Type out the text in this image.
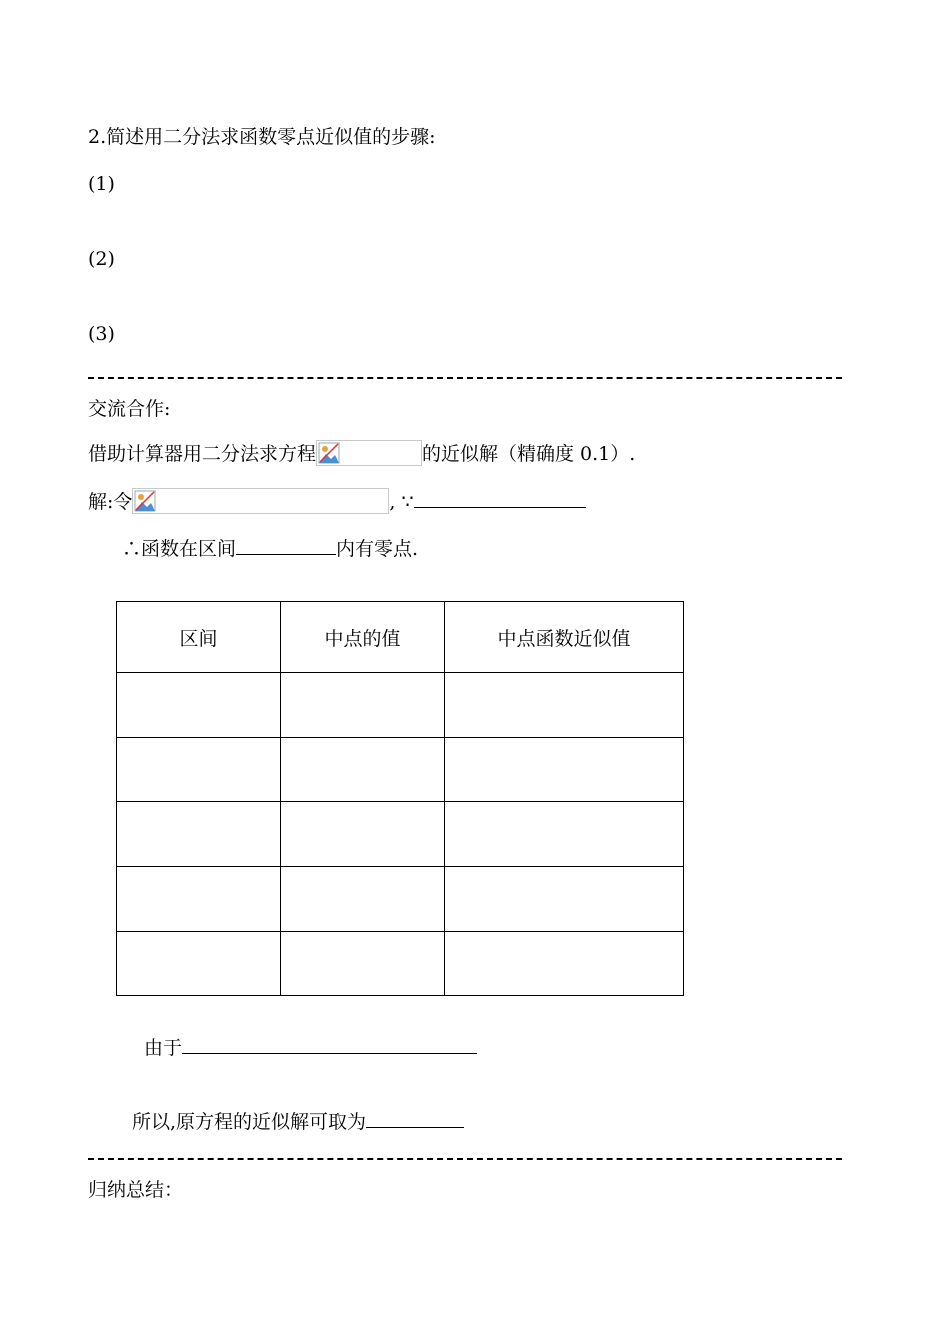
2.简述用二分法求函数零点近似值的步骤:
(1)
(2)
(3)
交流合作:
借助计算器用二分法求方程	的近似解（精确度 0.1）.
解:令	, ∵
∴函数在区间	内有零点.
区间	中点的值	中点函数近似值

由于
所以,原方程的近似解可取为
归纳总结：
